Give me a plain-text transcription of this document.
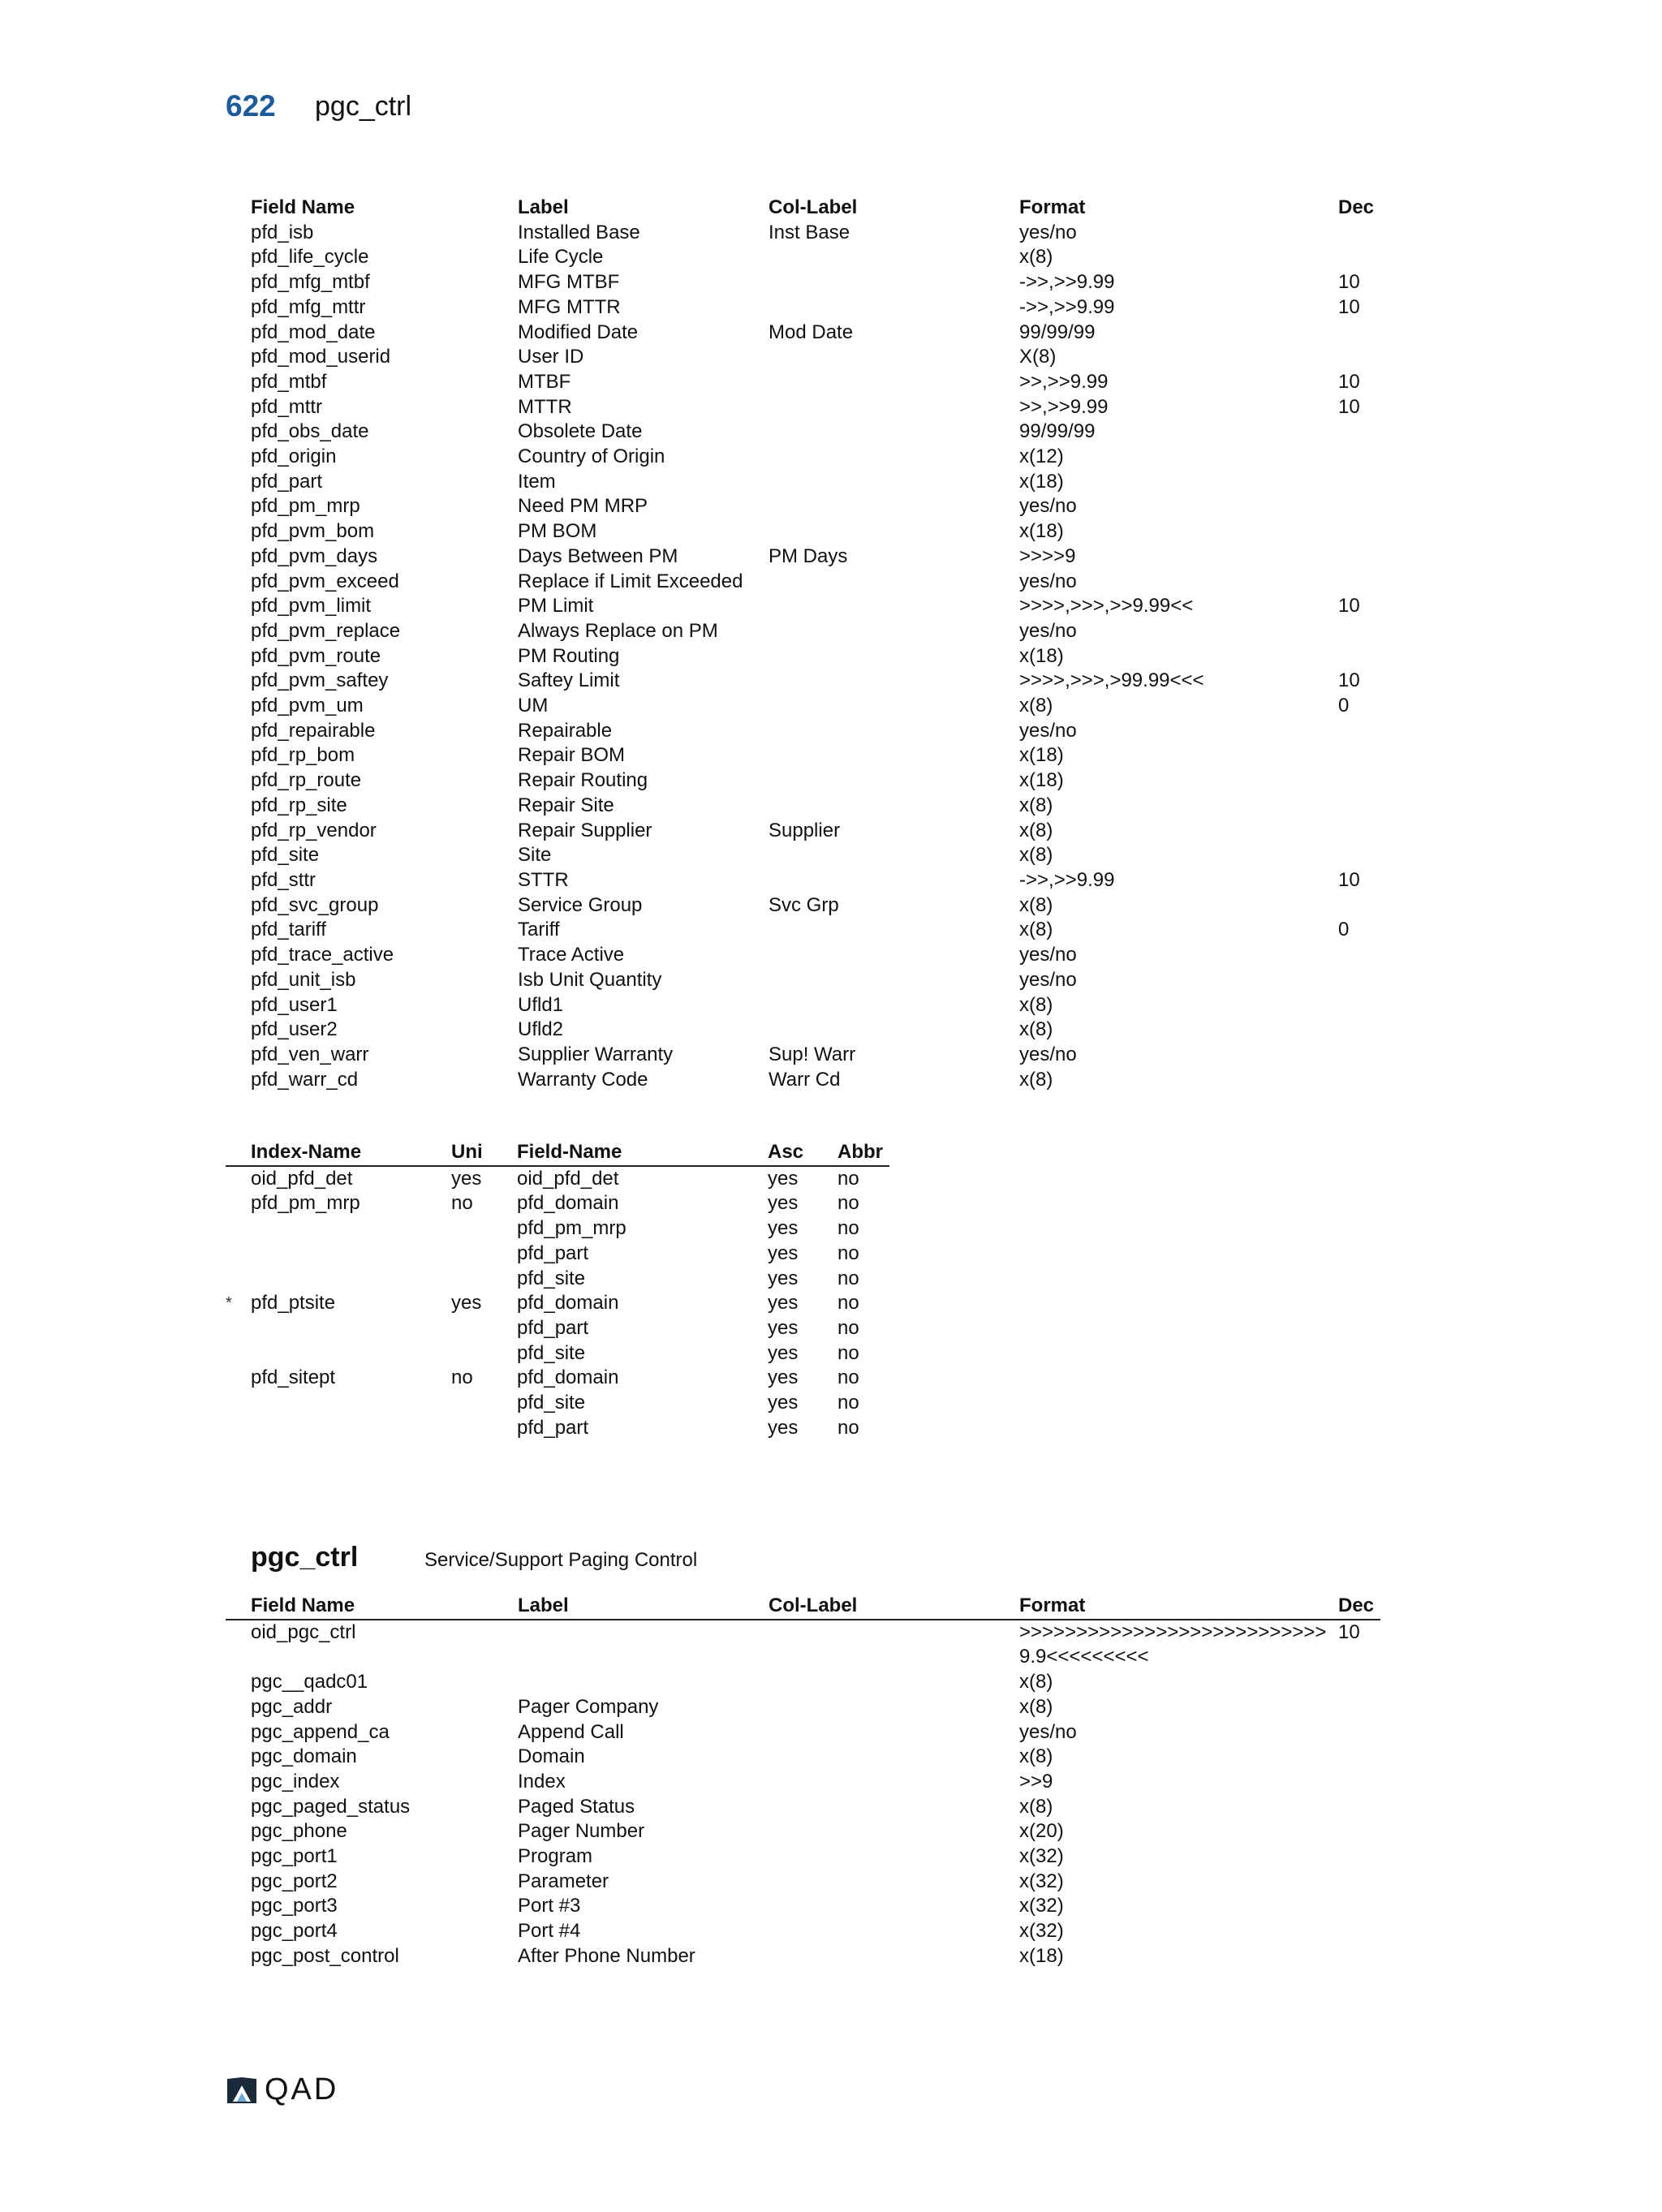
622 pgc_ctrl
Field Name	Label	Col-Label	Format	Dec
pfd_isb	Installed Base	Inst Base	yes/no	
pfd_life_cycle	Life Cycle		x(8)	
pfd_mfg_mtbf	MFG MTBF		->>,>>9.99	10
pfd_mfg_mttr	MFG MTTR		->>,>>9.99	10
pfd_mod_date	Modified Date	Mod Date	99/99/99	
pfd_mod_userid	User ID		X(8)	
pfd_mtbf	MTBF		>>,>>9.99	10
pfd_mttr	MTTR		>>,>>9.99	10
pfd_obs_date	Obsolete Date		99/99/99	
pfd_origin	Country of Origin		x(12)	
pfd_part	Item		x(18)	
pfd_pm_mrp	Need PM MRP		yes/no	
pfd_pvm_bom	PM BOM		x(18)	
pfd_pvm_days	Days Between PM	PM Days	>>>>9	
pfd_pvm_exceed	Replace if Limit Exceeded		yes/no	
pfd_pvm_limit	PM Limit		>>>>,>>>,>>9.99<<	10
pfd_pvm_replace	Always Replace on PM		yes/no	
pfd_pvm_route	PM Routing		x(18)	
pfd_pvm_saftey	Saftey Limit		>>>>,>>>,>99.99<<<	10
pfd_pvm_um	UM		x(8)	0
pfd_repairable	Repairable		yes/no	
pfd_rp_bom	Repair BOM		x(18)	
pfd_rp_route	Repair Routing		x(18)	
pfd_rp_site	Repair Site		x(8)	
pfd_rp_vendor	Repair Supplier	Supplier	x(8)	
pfd_site	Site		x(8)	
pfd_sttr	STTR		->>,>>9.99	10
pfd_svc_group	Service Group	Svc Grp	x(8)	
pfd_tariff	Tariff		x(8)	0
pfd_trace_active	Trace Active		yes/no	
pfd_unit_isb	Isb Unit Quantity		yes/no	
pfd_user1	Ufld1		x(8)	
pfd_user2	Ufld2		x(8)	
pfd_ven_warr	Supplier Warranty	Sup! Warr	yes/no	
pfd_warr_cd	Warranty Code	Warr Cd	x(8)	
	Index-Name	Uni	Field-Name	Asc	Abbr
	oid_pfd_det	yes	oid_pfd_det	yes	no
	pfd_pm_mrp	no	pfd_domain	yes	no
			pfd_pm_mrp	yes	no
			pfd_part	yes	no
			pfd_site	yes	no
*	pfd_ptsite	yes	pfd_domain	yes	no
			pfd_part	yes	no
			pfd_site	yes	no
	pfd_sitept	no	pfd_domain	yes	no
			pfd_site	yes	no
			pfd_part	yes	no
pgc_ctrl	Service/Support Paging Control
	Field Name	Label	Col-Label	Format	Dec
	oid_pgc_ctrl			>>>>>>>>>>>>>>>>>>>>>>>>>>>9.9<<<<<<<<<	10
	pgc__qadc01			x(8)	
	pgc_addr	Pager Company		x(8)	
	pgc_append_ca	Append Call		yes/no	
	pgc_domain	Domain		x(8)	
	pgc_index	Index		>>9	
	pgc_paged_status	Paged Status		x(8)	
	pgc_phone	Pager Number		x(20)	
	pgc_port1	Program		x(32)	
	pgc_port2	Parameter		x(32)	
	pgc_port3	Port #3		x(32)	
	pgc_port4	Port #4		x(32)	
	pgc_post_control	After Phone Number		x(18)	
QAD
